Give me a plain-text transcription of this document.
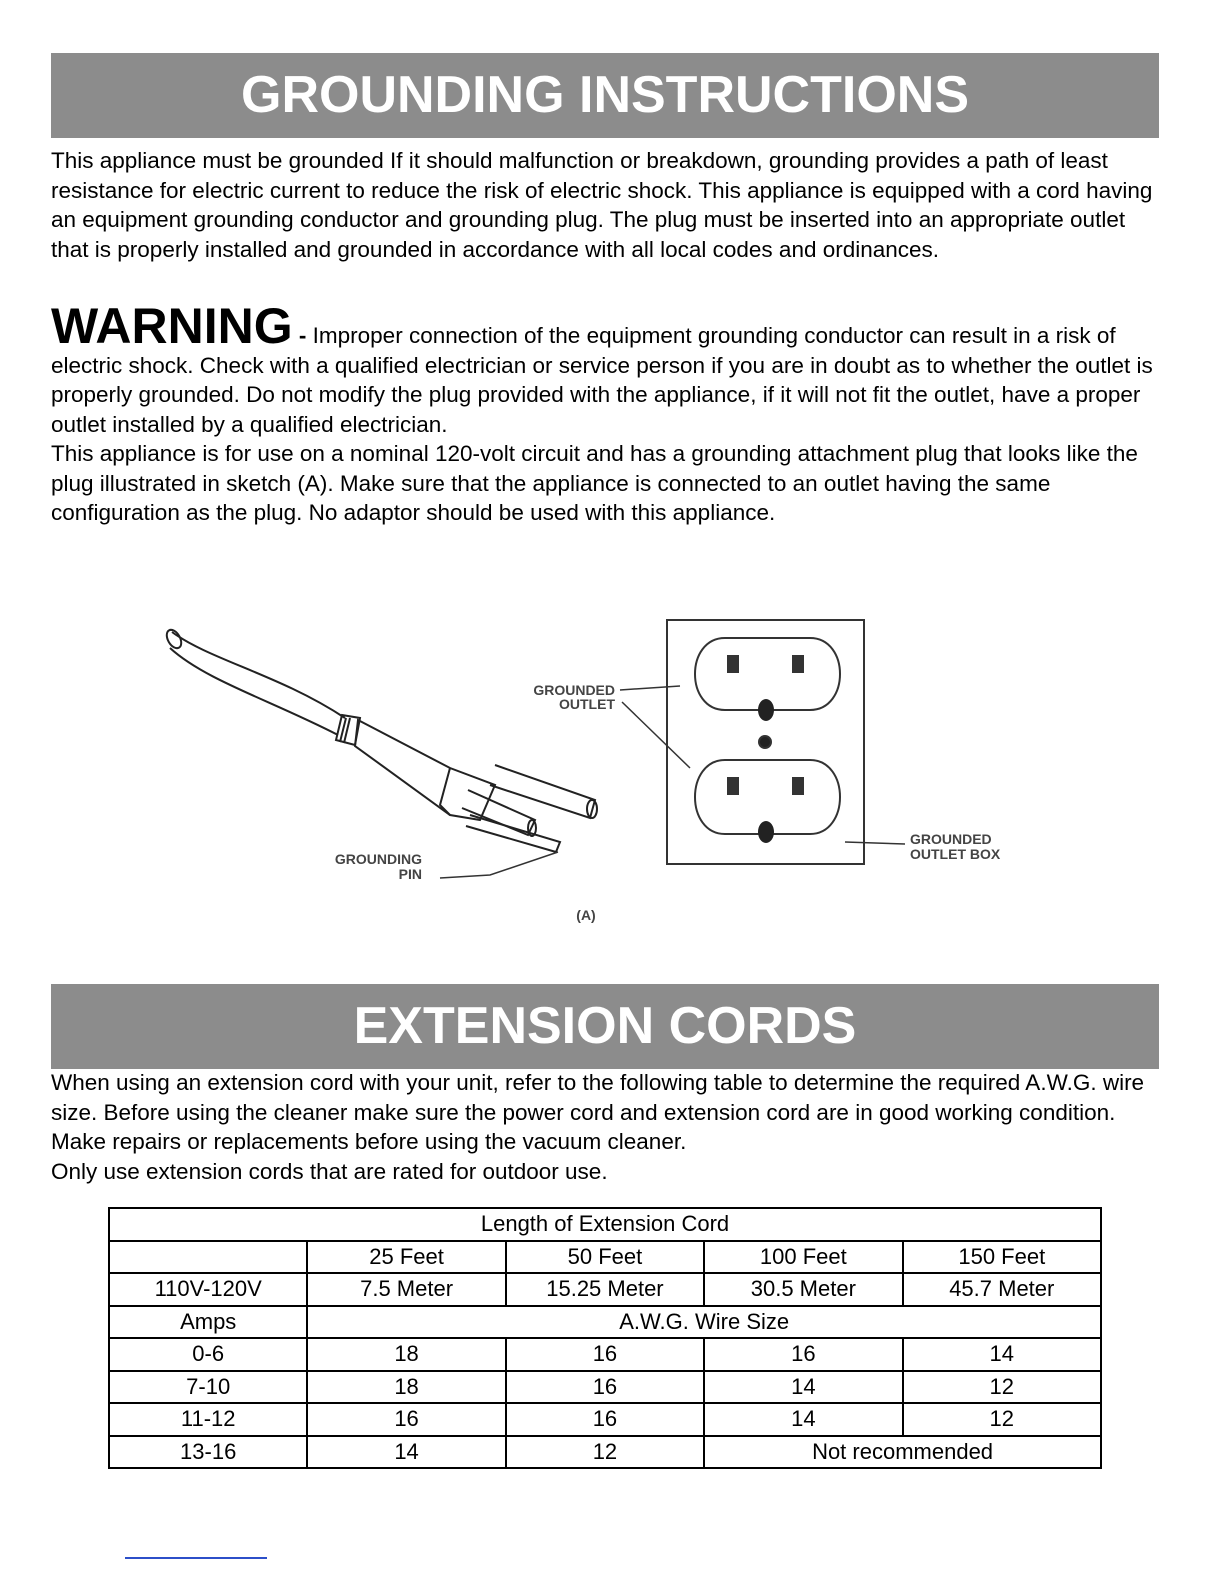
GROUNDING INSTRUCTIONS

This appliance must be grounded If it should malfunction or breakdown, grounding provides a path of least resistance for electric current to reduce the risk of electric shock. This appliance is equipped with a cord having an equipment grounding conductor and grounding plug. The plug must be inserted into an appropriate outlet that is properly installed and grounded in accordance with all local codes and ordinances.

WARNING - Improper connection of the equipment grounding conductor can result in a risk of electric shock. Check with a qualified electrician or service person if you are in doubt as to whether the outlet is properly grounded. Do not modify the plug provided with the appliance, if it will not fit the outlet, have a proper outlet installed by a qualified electrician.
This appliance is for use on a nominal 120-volt circuit and has a grounding attachment plug that looks like the plug illustrated in sketch (A). Make sure that the appliance is connected to an outlet having the same configuration as the plug. No adaptor should be used with this appliance.
GROUNDED
OUTLET
GROUNDING
PIN
GROUNDED
OUTLET BOX
(A)
EXTENSION CORDS
When using an extension cord with your unit, refer to the following table to determine the required A.W.G. wire size. Before using the cleaner make sure the power cord and extension cord are in good working condition. Make repairs or replacements before using the vacuum cleaner.
Only use extension cords that are rated for outdoor use.
Length of Extension Cord				
	25 Feet	50 Feet	100 Feet	150 Feet
110V-120V	7.5 Meter	15.25 Meter	30.5 Meter	45.7 Meter
Amps	A.W.G. Wire Size			
0-6	18	16	16	14
7-10	18	16	14	12
11-12	16	16	14	12
13-16	14	12	Not recommended	
